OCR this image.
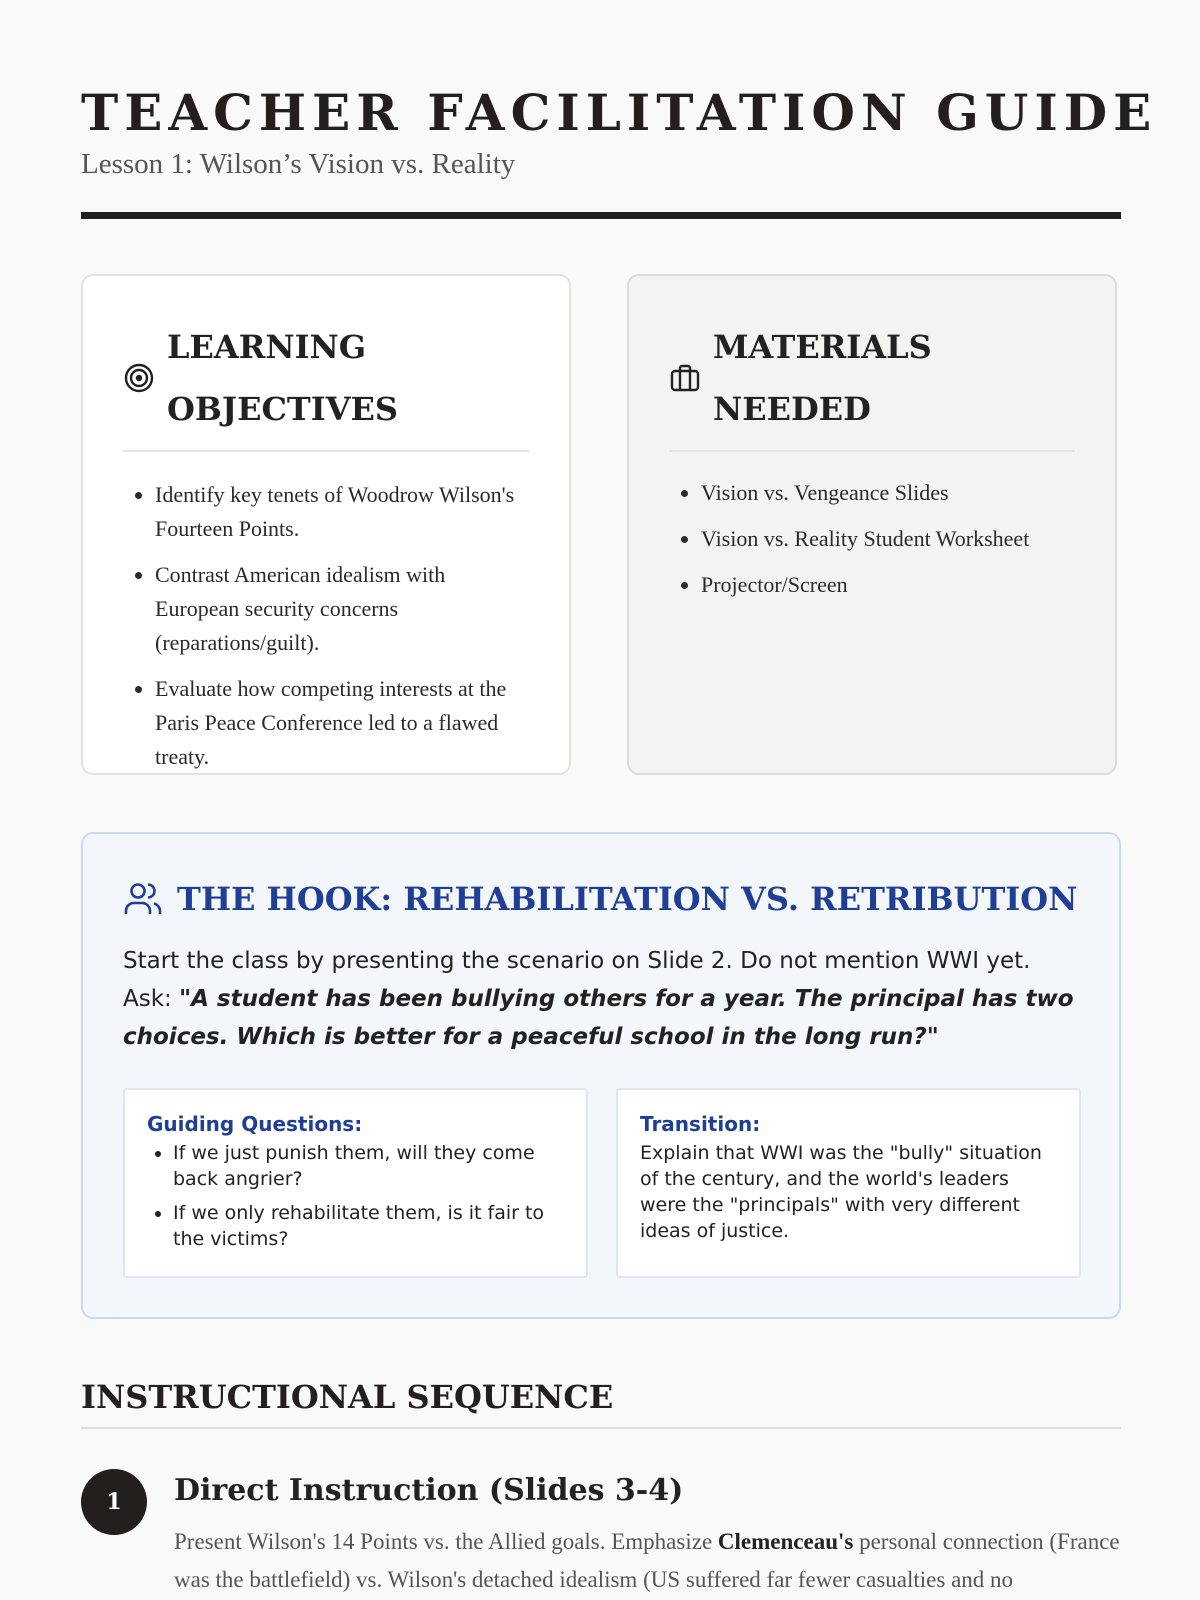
TEACHER FACILITATION GUIDE
Lesson 1: Wilson’s Vision vs. Reality
LEARNING OBJECTIVES
• Identify key tenets of Woodrow Wilson's Fourteen Points.
• Contrast American idealism with European security concerns (reparations/guilt).
• Evaluate how competing interests at the Paris Peace Conference led to a flawed treaty.
MATERIALS NEEDED
• Vision vs. Vengeance Slides
• Vision vs. Reality Student Worksheet
• Projector/Screen
THE HOOK: REHABILITATION VS. RETRIBUTION
Start the class by presenting the scenario on Slide 2. Do not mention WWI yet. Ask: "A student has been bullying others for a year. The principal has two choices. Which is better for a peaceful school in the long run?"
Guiding Questions:
• If we just punish them, will they come back angrier?
• If we only rehabilitate them, is it fair to the victims?
Transition:

Explain that WWI was the "bully" situation of the century, and the world's leaders were the "principals" with very different ideas of justice.

INSTRUCTIONAL SEQUENCE
1	Direct Instruction (Slides 3-4)
Present Wilson's 14 Points vs. the Allied goals. Emphasize Clemenceau's personal connection (France was the battlefield) vs. Wilson's detached idealism (US suffered far fewer casualties and no
